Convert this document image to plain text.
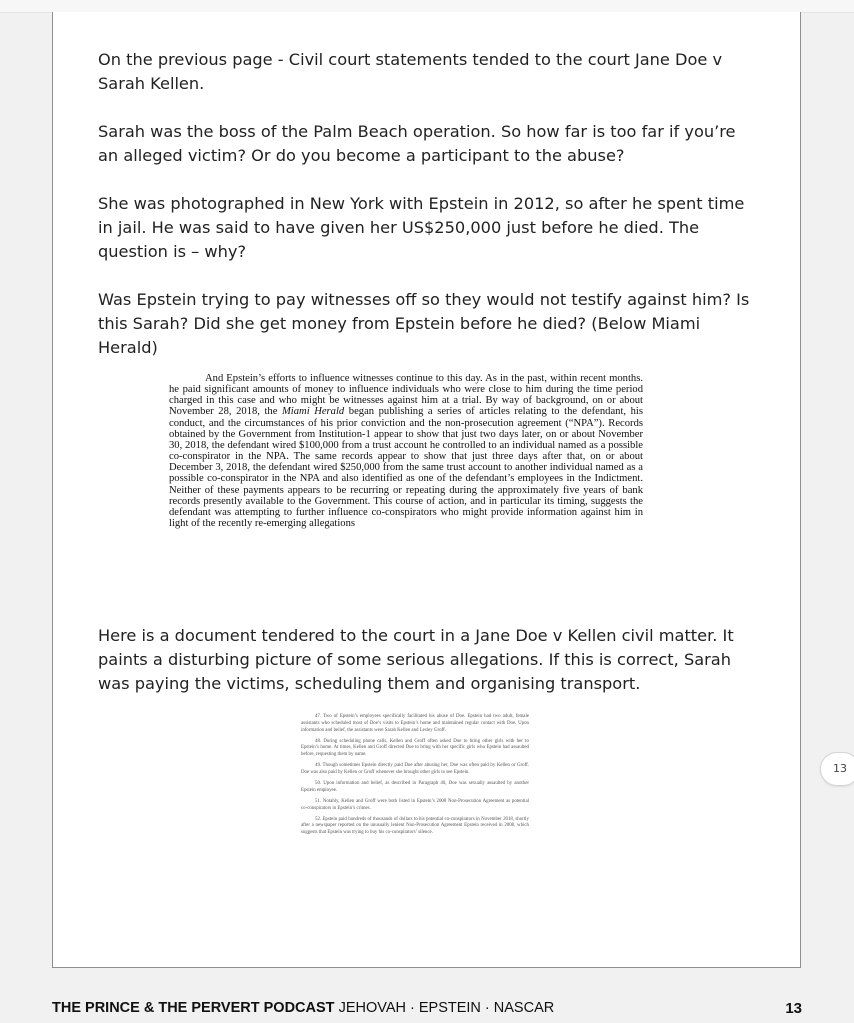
On the previous page - Civil court statements tended to the court Jane Doe v Sarah Kellen.

Sarah was the boss of the Palm Beach operation. So how far is too far if you’re an alleged victim? Or do you become a participant to the abuse?

She was photographed in New York with Epstein in 2012, so after he spent time in jail. He was said to have given her US$250,000 just before he died. The question is – why?

Was Epstein trying to pay witnesses off so they would not testify against him? Is this Sarah? Did she get money from Epstein before he died? (Below Miami Herald)

And Epstein’s efforts to influence witnesses continue to this day. As in the past, within recent months. he paid significant amounts of money to influence individuals who were close to him during the time period charged in this case and who might be witnesses against him at a trial. By way of background, on or about November 28, 2018, the Miami Herald began publishing a series of articles relating to the defendant, his conduct, and the circumstances of his prior conviction and the non-prosecution agreement (“NPA”). Records obtained by the Government from Institution-1 appear to show that just two days later, on or about November 30, 2018, the defendant wired $100,000 from a trust account he controlled to an individual named as a possible co-conspirator in the NPA. The same records appear to show that just three days after that, on or about December 3, 2018, the defendant wired $250,000 from the same trust account to another individual named as a possible co-conspirator in the NPA and also identified as one of the defendant’s employees in the Indictment. Neither of these payments appears to be recurring or repeating during the approximately five years of bank records presently available to the Government. This course of action, and in particular its timing, suggests the defendant was attempting to further influence co-conspirators who might provide information against him in light of the recently re-emerging allegations

Here is a document tendered to the court in a Jane Doe v Kellen civil matter. It paints a disturbing picture of some serious allegations. If this is correct, Sarah was paying the victims, scheduling them and organising transport.

47. Two of Epstein’s employees specifically facilitated his abuse of Doe. Epstein had two adult, female assistants who scheduled most of Doe’s visits to Epstein’s home and maintained regular contact with Doe. Upon information and belief, the assistants were Sarah Kellen and Lesley Groff.

48. During scheduling phone calls, Kellen and Groff often asked Doe to bring other girls with her to Epstein’s home. At times, Kellen and Groff directed Doe to bring with her specific girls who Epstein had assaulted before, requesting them by name.

49. Though sometimes Epstein directly paid Doe after abusing her, Doe was often paid by Kellen or Groff. Doe was also paid by Kellen or Groff whenever she brought other girls to see Epstein.

50. Upon information and belief, as described in Paragraph 40, Doe was sexually assaulted by another Epstein employee.

51. Notably, Kellen and Groff were both listed in Epstein’s 2008 Non-Prosecution Agreement as potential co-conspirators in Epstein’s crimes.

52. Epstein paid hundreds of thousands of dollars to his potential co-conspirators in November 2018, shortly after a newspaper reported on the unusually lenient Non-Prosecution Agreement Epstein received in 2008, which suggests that Epstein was trying to buy his co-conspirators’ silence.

13
THE PRINCE & THE PERVERT PODCAST JEHOVAH · EPSTEIN · NASCAR	13
